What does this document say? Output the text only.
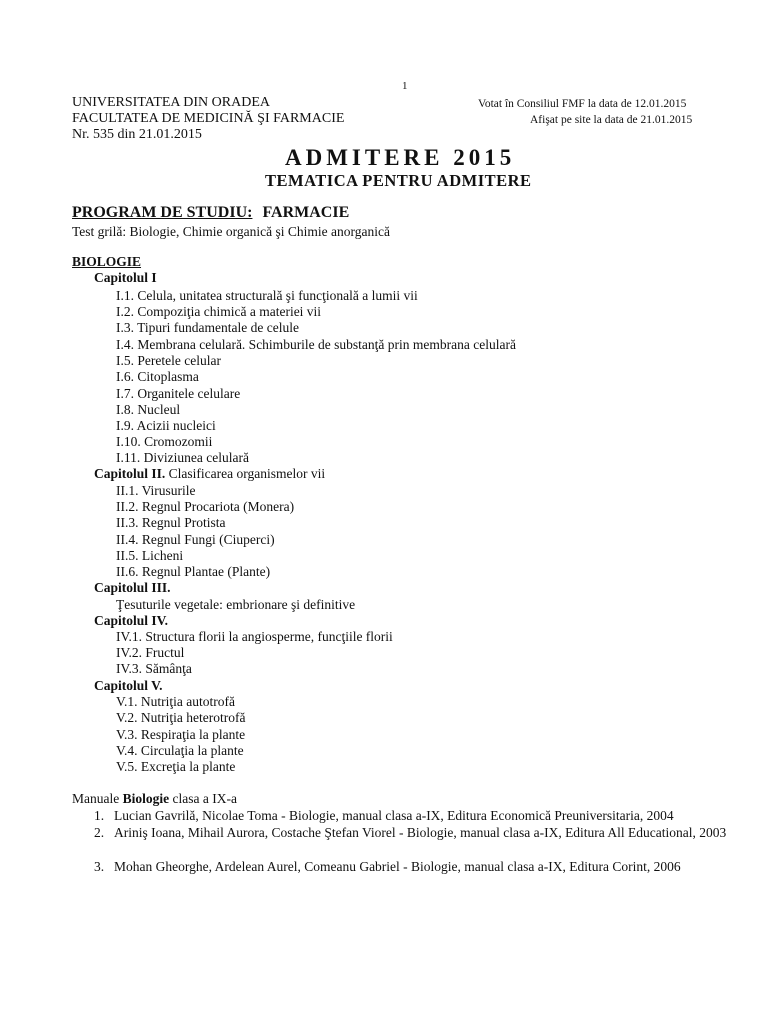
1
UNIVERSITATEA DIN ORADEA
FACULTATEA DE MEDICINĂ ŞI FARMACIE
Nr. 535 din 21.01.2015
Votat în Consiliul FMF la data de 12.01.2015
Afişat pe site la data de 21.01.2015
ADMITERE 2015
TEMATICA PENTRU ADMITERE
PROGRAM DE STUDIU: FARMACIE
Test grilă: Biologie, Chimie organică şi Chimie anorganică
BIOLOGIE
Capitolul I
I.1. Celula, unitatea structurală şi funcţională a lumii vii
I.2. Compoziţia chimică a materiei vii
I.3. Tipuri fundamentale de celule
I.4. Membrana celulară. Schimburile de substanţă prin membrana celulară
I.5. Peretele celular
I.6. Citoplasma
I.7. Organitele celulare
I.8. Nucleul
I.9. Acizii nucleici
I.10. Cromozomii
I.11. Diviziunea celulară
Capitolul II. Clasificarea organismelor vii
II.1. Virusurile
II.2. Regnul Procariota (Monera)
II.3. Regnul Protista
II.4. Regnul Fungi (Ciuperci)
II.5. Licheni
II.6. Regnul Plantae (Plante)
Capitolul III.
Ţesuturile vegetale: embrionare şi definitive
Capitolul IV.
IV.1. Structura florii la angiosperme, funcţiile florii
IV.2. Fructul
IV.3. Sămânţa
Capitolul V.
V.1. Nutriţia autotrofă
V.2. Nutriţia heterotrofă
V.3. Respiraţia la plante
V.4. Circulaţia la plante
V.5. Excreţia la plante
Manuale Biologie clasa a IX-a
1. Lucian Gavrilă, Nicolae Toma - Biologie, manual clasa a-IX, Editura Economică Preuniversitaria, 2004
2. Ariniş Ioana, Mihail Aurora, Costache Ştefan Viorel - Biologie, manual clasa a-IX, Editura All Educational, 2003
3. Mohan Gheorghe, Ardelean Aurel, Comeanu Gabriel - Biologie, manual clasa a-IX, Editura Corint, 2006
